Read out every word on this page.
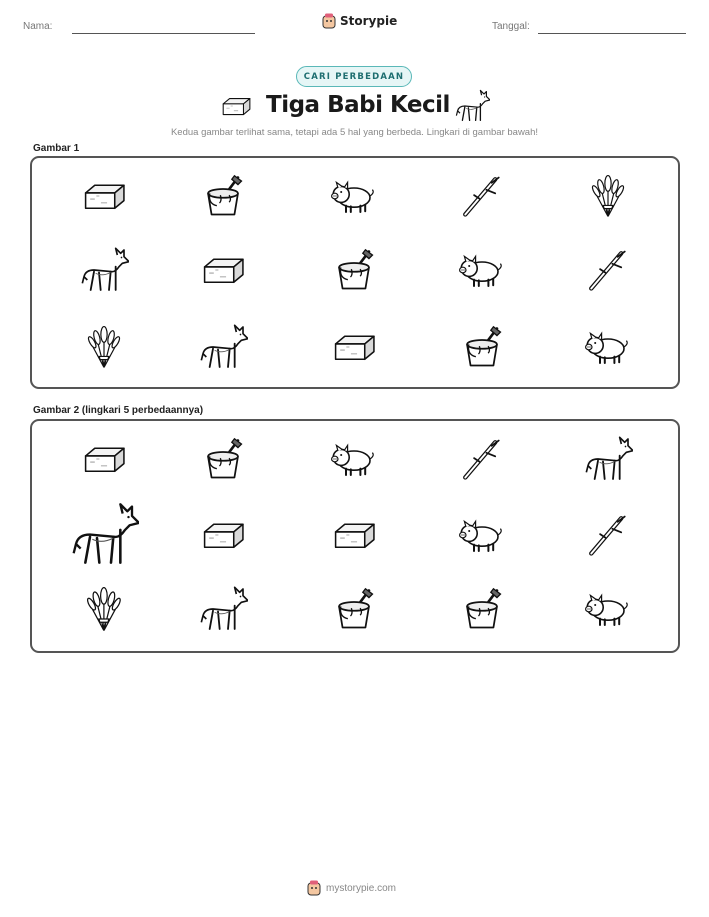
Nama:	Storypie	Tanggal:
CARI PERBEDAAN
Tiga Babi Kecil
Kedua gambar terlihat sama, tetapi ada 5 hal yang berbeda. Lingkari di gambar bawah!
Gambar 1
Gambar 2 (lingkari 5 perbedaannya)
mystorypie.com
